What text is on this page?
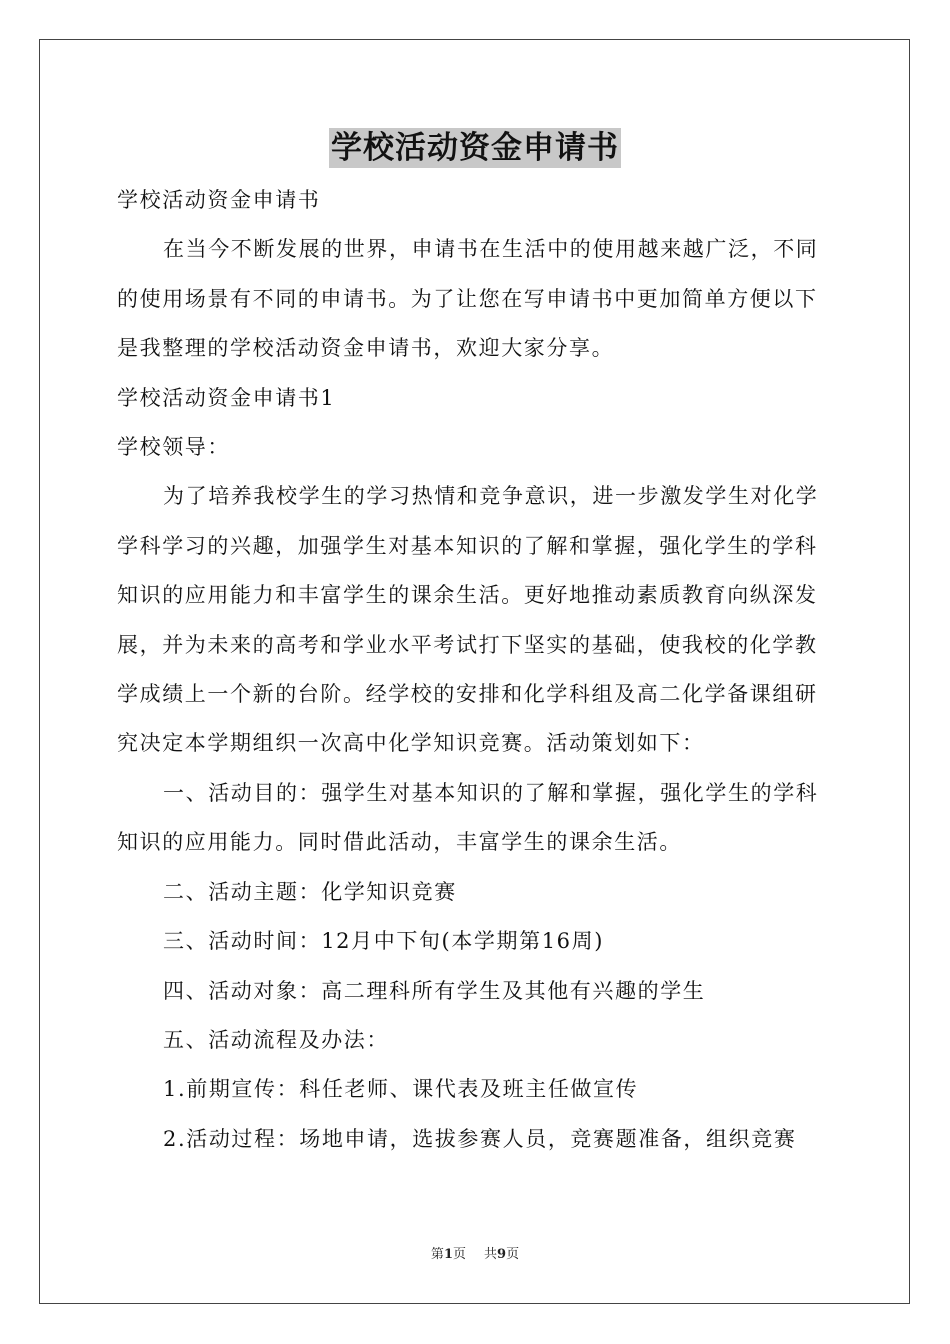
学校活动资金申请书

学校活动资金申请书

在当今不断发展的世界，申请书在生活中的使用越来越广泛，不同的使用场景有不同的申请书。为了让您在写申请书中更加简单方便以下是我整理的学校活动资金申请书，欢迎大家分享。

学校活动资金申请书1

学校领导：

为了培养我校学生的学习热情和竞争意识，进一步激发学生对化学学科学习的兴趣，加强学生对基本知识的了解和掌握，强化学生的学科知识的应用能力和丰富学生的课余生活。更好地推动素质教育向纵深发展，并为未来的高考和学业水平考试打下坚实的基础，使我校的化学教学成绩上一个新的台阶。经学校的安排和化学科组及高二化学备课组研究决定本学期组织一次高中化学知识竞赛。活动策划如下：

一、活动目的：强学生对基本知识的了解和掌握，强化学生的学科知识的应用能力。同时借此活动，丰富学生的课余生活。

二、活动主题：化学知识竞赛

三、活动时间：12月中下旬(本学期第16周)

四、活动对象：高二理科所有学生及其他有兴趣的学生

五、活动流程及办法：

1.前期宣传：科任老师、课代表及班主任做宣传

2.活动过程：场地申请，选拔参赛人员，竞赛题准备，组织竞赛

第1页 共9页
